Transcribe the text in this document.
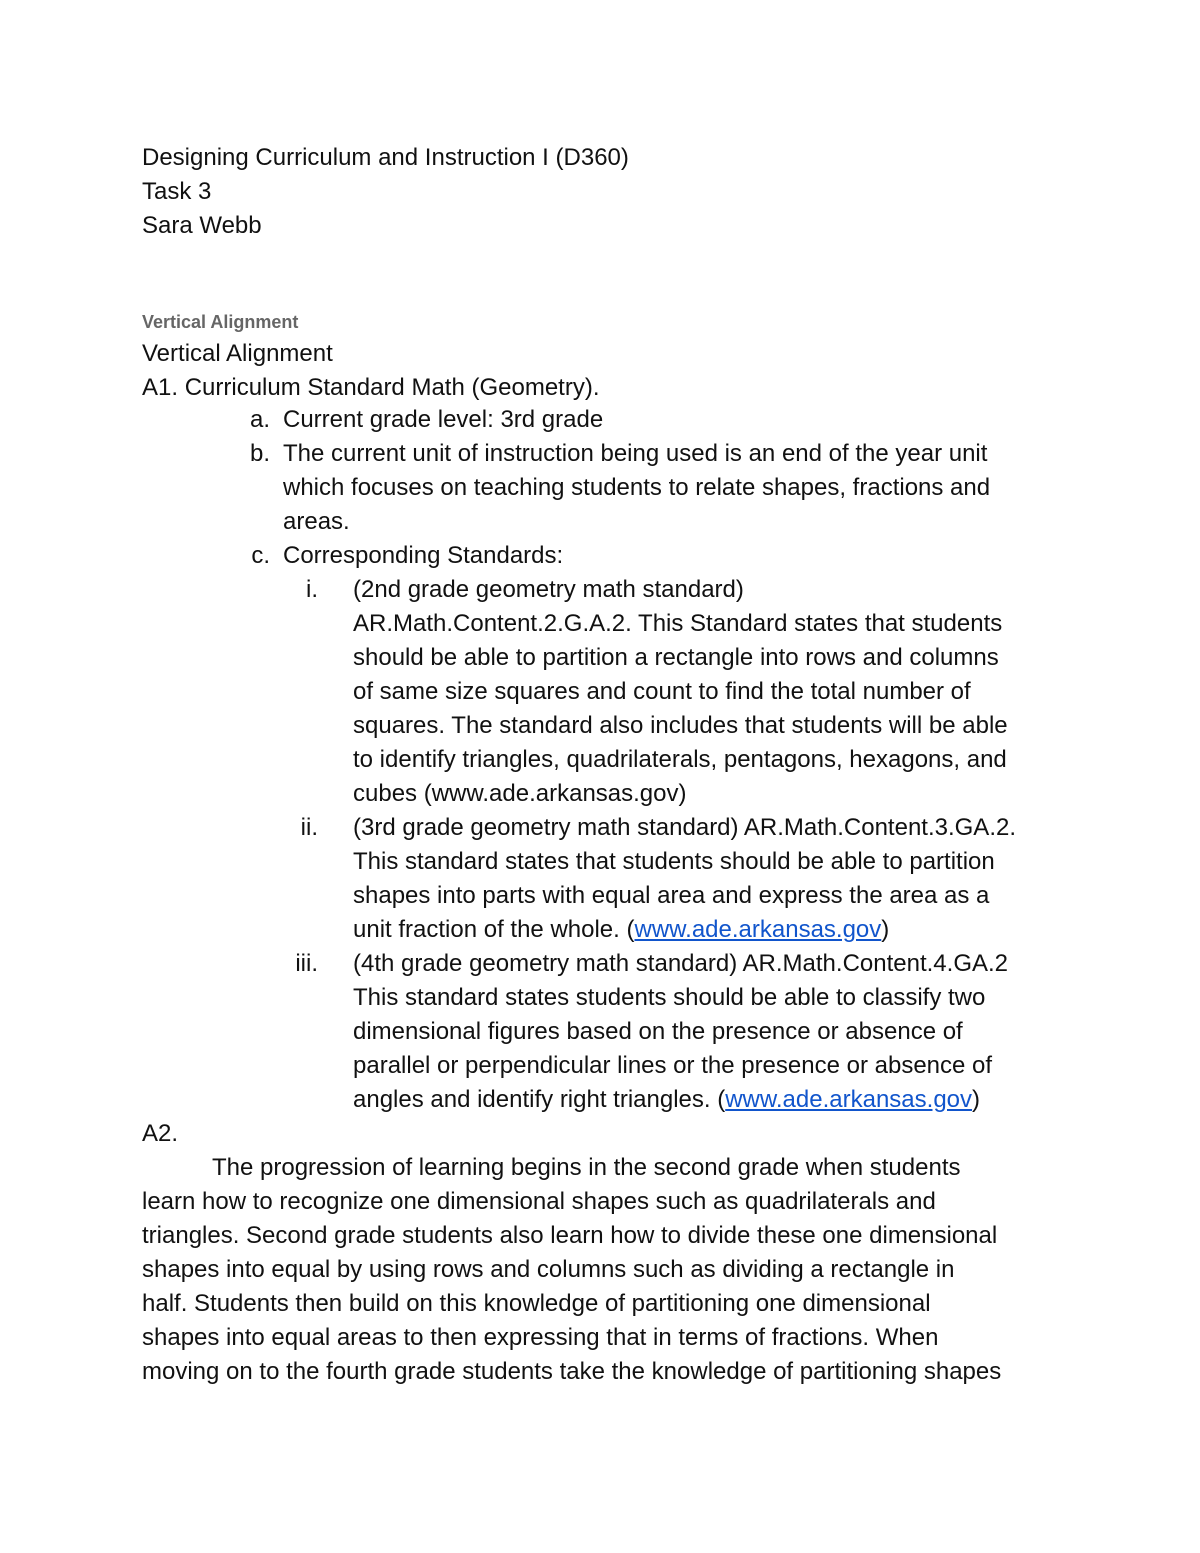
Designing Curriculum and Instruction I (D360)
Task 3
Sara Webb
Vertical Alignment
Vertical Alignment
A1. Curriculum Standard Math (Geometry).
a. Current grade level: 3rd grade
b. The current unit of instruction being used is an end of the year unit
which focuses on teaching students to relate shapes, fractions and
areas.
c. Corresponding Standards:
i. (2nd grade geometry math standard)
AR.Math.Content.2.G.A.2. This Standard states that students
should be able to partition a rectangle into rows and columns
of same size squares and count to find the total number of
squares. The standard also includes that students will be able
to identify triangles, quadrilaterals, pentagons, hexagons, and
cubes (www.ade.arkansas.gov)
ii. (3rd grade geometry math standard) AR.Math.Content.3.GA.2.
This standard states that students should be able to partition
shapes into parts with equal area and express the area as a
unit fraction of the whole. (www.ade.arkansas.gov)
iii. (4th grade geometry math standard) AR.Math.Content.4.GA.2
This standard states students should be able to classify two
dimensional figures based on the presence or absence of
parallel or perpendicular lines or the presence or absence of
angles and identify right triangles. (www.ade.arkansas.gov)
A2.
The progression of learning begins in the second grade when students
learn how to recognize one dimensional shapes such as quadrilaterals and
triangles. Second grade students also learn how to divide these one dimensional
shapes into equal by using rows and columns such as dividing a rectangle in
half. Students then build on this knowledge of partitioning one dimensional
shapes into equal areas to then expressing that in terms of fractions. When
moving on to the fourth grade students take the knowledge of partitioning shapes
